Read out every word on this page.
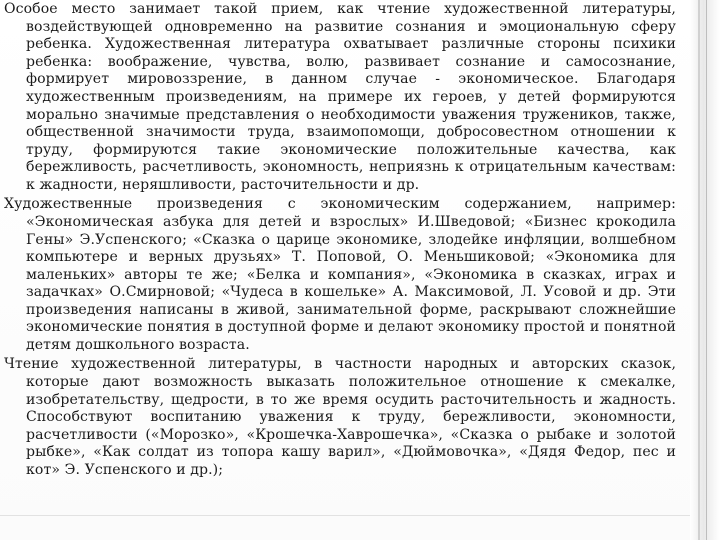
Особое место занимает такой прием, как чтение художественной литературы, воздействующей одновременно на развитие сознания и эмоциональную сферу ребенка. Художественная литература охватывает различные стороны психики ребенка: воображение, чувства, волю, развивает сознание и самосознание, формирует мировоззрение, в данном случае - экономическое. Благодаря художественным произведениям, на примере их героев, у детей формируются морально значимые представления о необходимости уважения тружеников, также, общественной значимости труда, взаимопомощи, добросовестном отношении к труду, формируются такие экономические положительные качества, как бережливость, расчетливость, экономность, неприязнь к отрицательным качествам: к жадности, неряшливости, расточительности и др.

Художественные произведения с экономическим содержанием, например: «Экономическая азбука для детей и взрослых» И.Шведовой; «Бизнес крокодила Гены» Э.Успенского; «Сказка о царице экономике, злодейке инфляции, волшебном компьютере и верных друзьях» Т. Поповой, О. Меньшиковой; «Экономика для маленьких» авторы те же; «Белка и компания», «Экономика в сказках, играх и задачках» О.Смирновой; «Чудеса в кошельке» А. Максимовой, Л. Усовой и др. Эти произведения написаны в живой, занимательной форме, раскрывают сложнейшие экономические понятия в доступной форме и делают экономику простой и понятной детям дошкольного возраста.

Чтение художественной литературы, в частности народных и авторских сказок, которые дают возможность выказать положительное отношение к смекалке, изобретательству, щедрости, в то же время осудить расточительность и жадность. Способствуют воспитанию уважения к труду, бережливости, экономности, расчетливости («Морозко», «Крошечка-Хаврошечка», «Сказка о рыбаке и золотой рыбке», «Как солдат из топора кашу варил», «Дюймовочка», «Дядя Федор, пес и кот» Э. Успенского и др.);
